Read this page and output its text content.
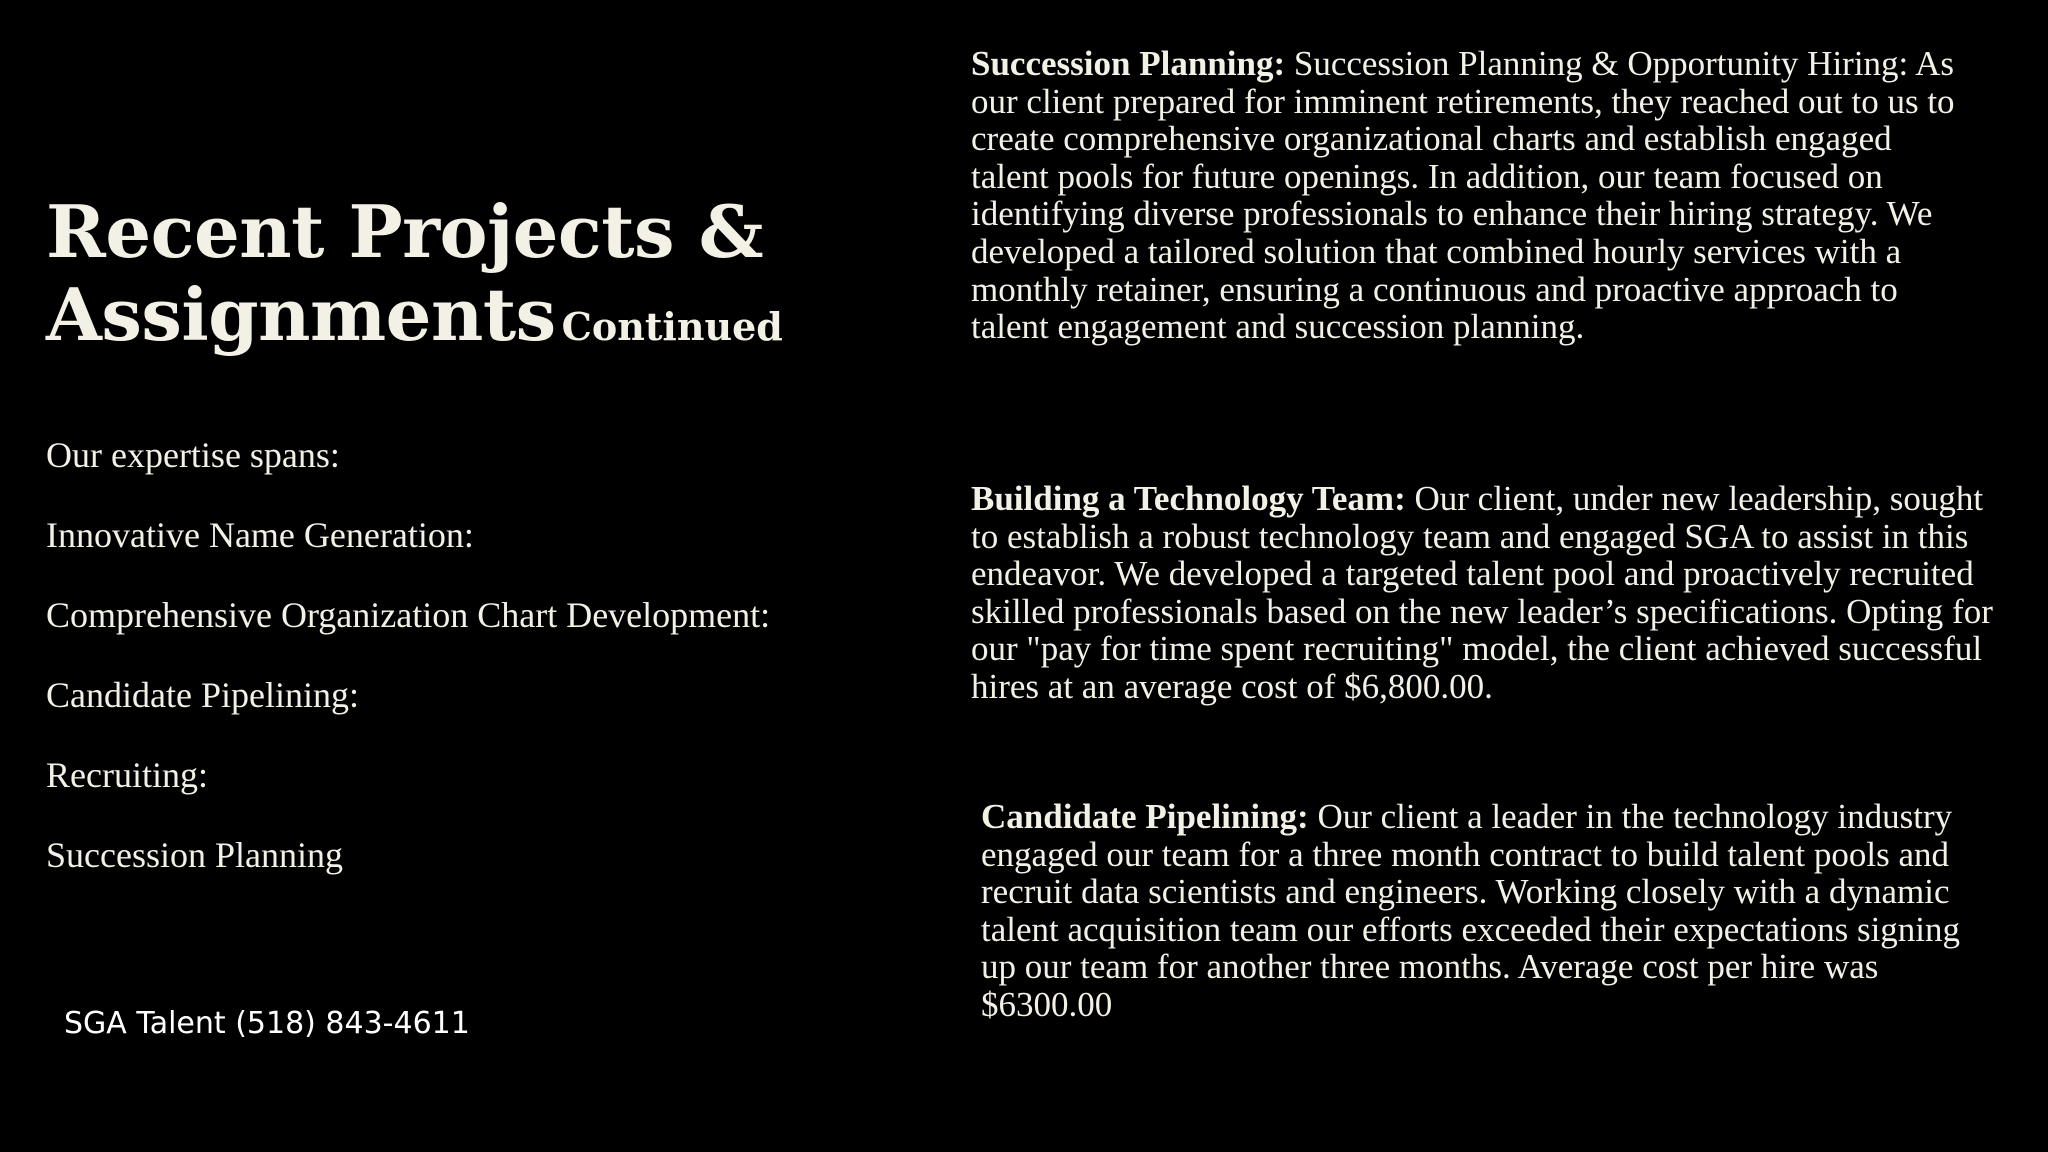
Recent Projects &
Assignments Continued
Our expertise spans:
Innovative Name Generation:
Comprehensive Organization Chart Development:
Candidate Pipelining:
Recruiting:
Succession Planning
SGA Talent (518) 843-4611

Succession Planning: Succession Planning & Opportunity Hiring: As our client prepared for imminent retirements, they reached out to us to create comprehensive organizational charts and establish engaged talent pools for future openings. In addition, our team focused on identifying diverse professionals to enhance their hiring strategy. We developed a tailored solution that combined hourly services with a monthly retainer, ensuring a continuous and proactive approach to talent engagement and succession planning.

Building a Technology Team: Our client, under new leadership, sought to establish a robust technology team and engaged SGA to assist in this endeavor. We developed a targeted talent pool and proactively recruited skilled professionals based on the new leader’s specifications. Opting for our "pay for time spent recruiting" model, the client achieved successful hires at an average cost of $6,800.00.

Candidate Pipelining: Our client a leader in the technology industry engaged our team for a three month contract to build talent pools and recruit data scientists and engineers. Working closely with a dynamic talent acquisition team our efforts exceeded their expectations signing up our team for another three months. Average cost per hire was $6300.00
